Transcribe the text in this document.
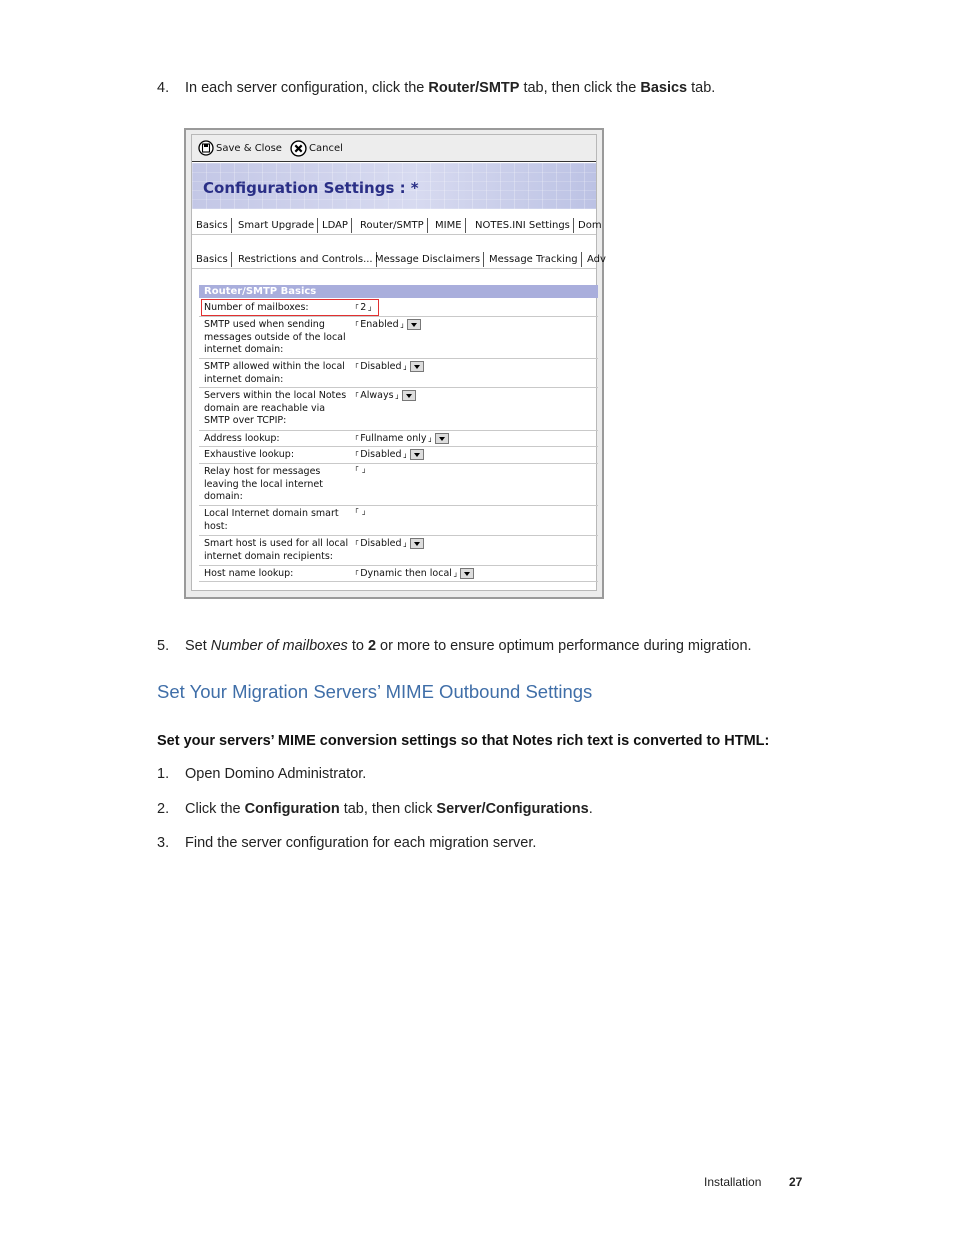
4. In each server configuration, click the Router/SMTP tab, then click the Basics tab.
Save & Close	Cancel
Configuration Settings : *
Basics	Smart Upgrade LDAP	Router/SMTP	MIME	NOTES.INI Settings Dom
Basics	Restrictions and Controls... Message Disclaimers Message Tracking Adv
Router/SMTP Basics
Number of mailboxes:	┌ 2 ┘
SMTP used when sending messages outside of the local internet domain:
┌ Enabled ┘
SMTP allowed within the local internet domain:
┌ Disabled ┘
Servers within the local Notes domain are reachable via SMTP over TCPIP:
┌ Always ┘
Address lookup:	┌ Fullname only ┘
Exhaustive lookup:	┌ Disabled ┘
Relay host for messages leaving the local internet domain:
┌
┘
Local Internet domain smart host:
┌
┘
Smart host is used for all local internet domain recipients:
┌ Disabled ┘
Host name lookup:	┌ Dynamic then local ┘
5. Set Number of mailboxes to 2 or more to ensure optimum performance during migration.
Set Your Migration Servers’ MIME Outbound Settings
Set your servers’ MIME conversion settings so that Notes rich text is converted to HTML:
1. Open Domino Administrator.
2. Click the Configuration tab, then click Server/Configurations.
3. Find the server configuration for each migration server.
Installation 27
